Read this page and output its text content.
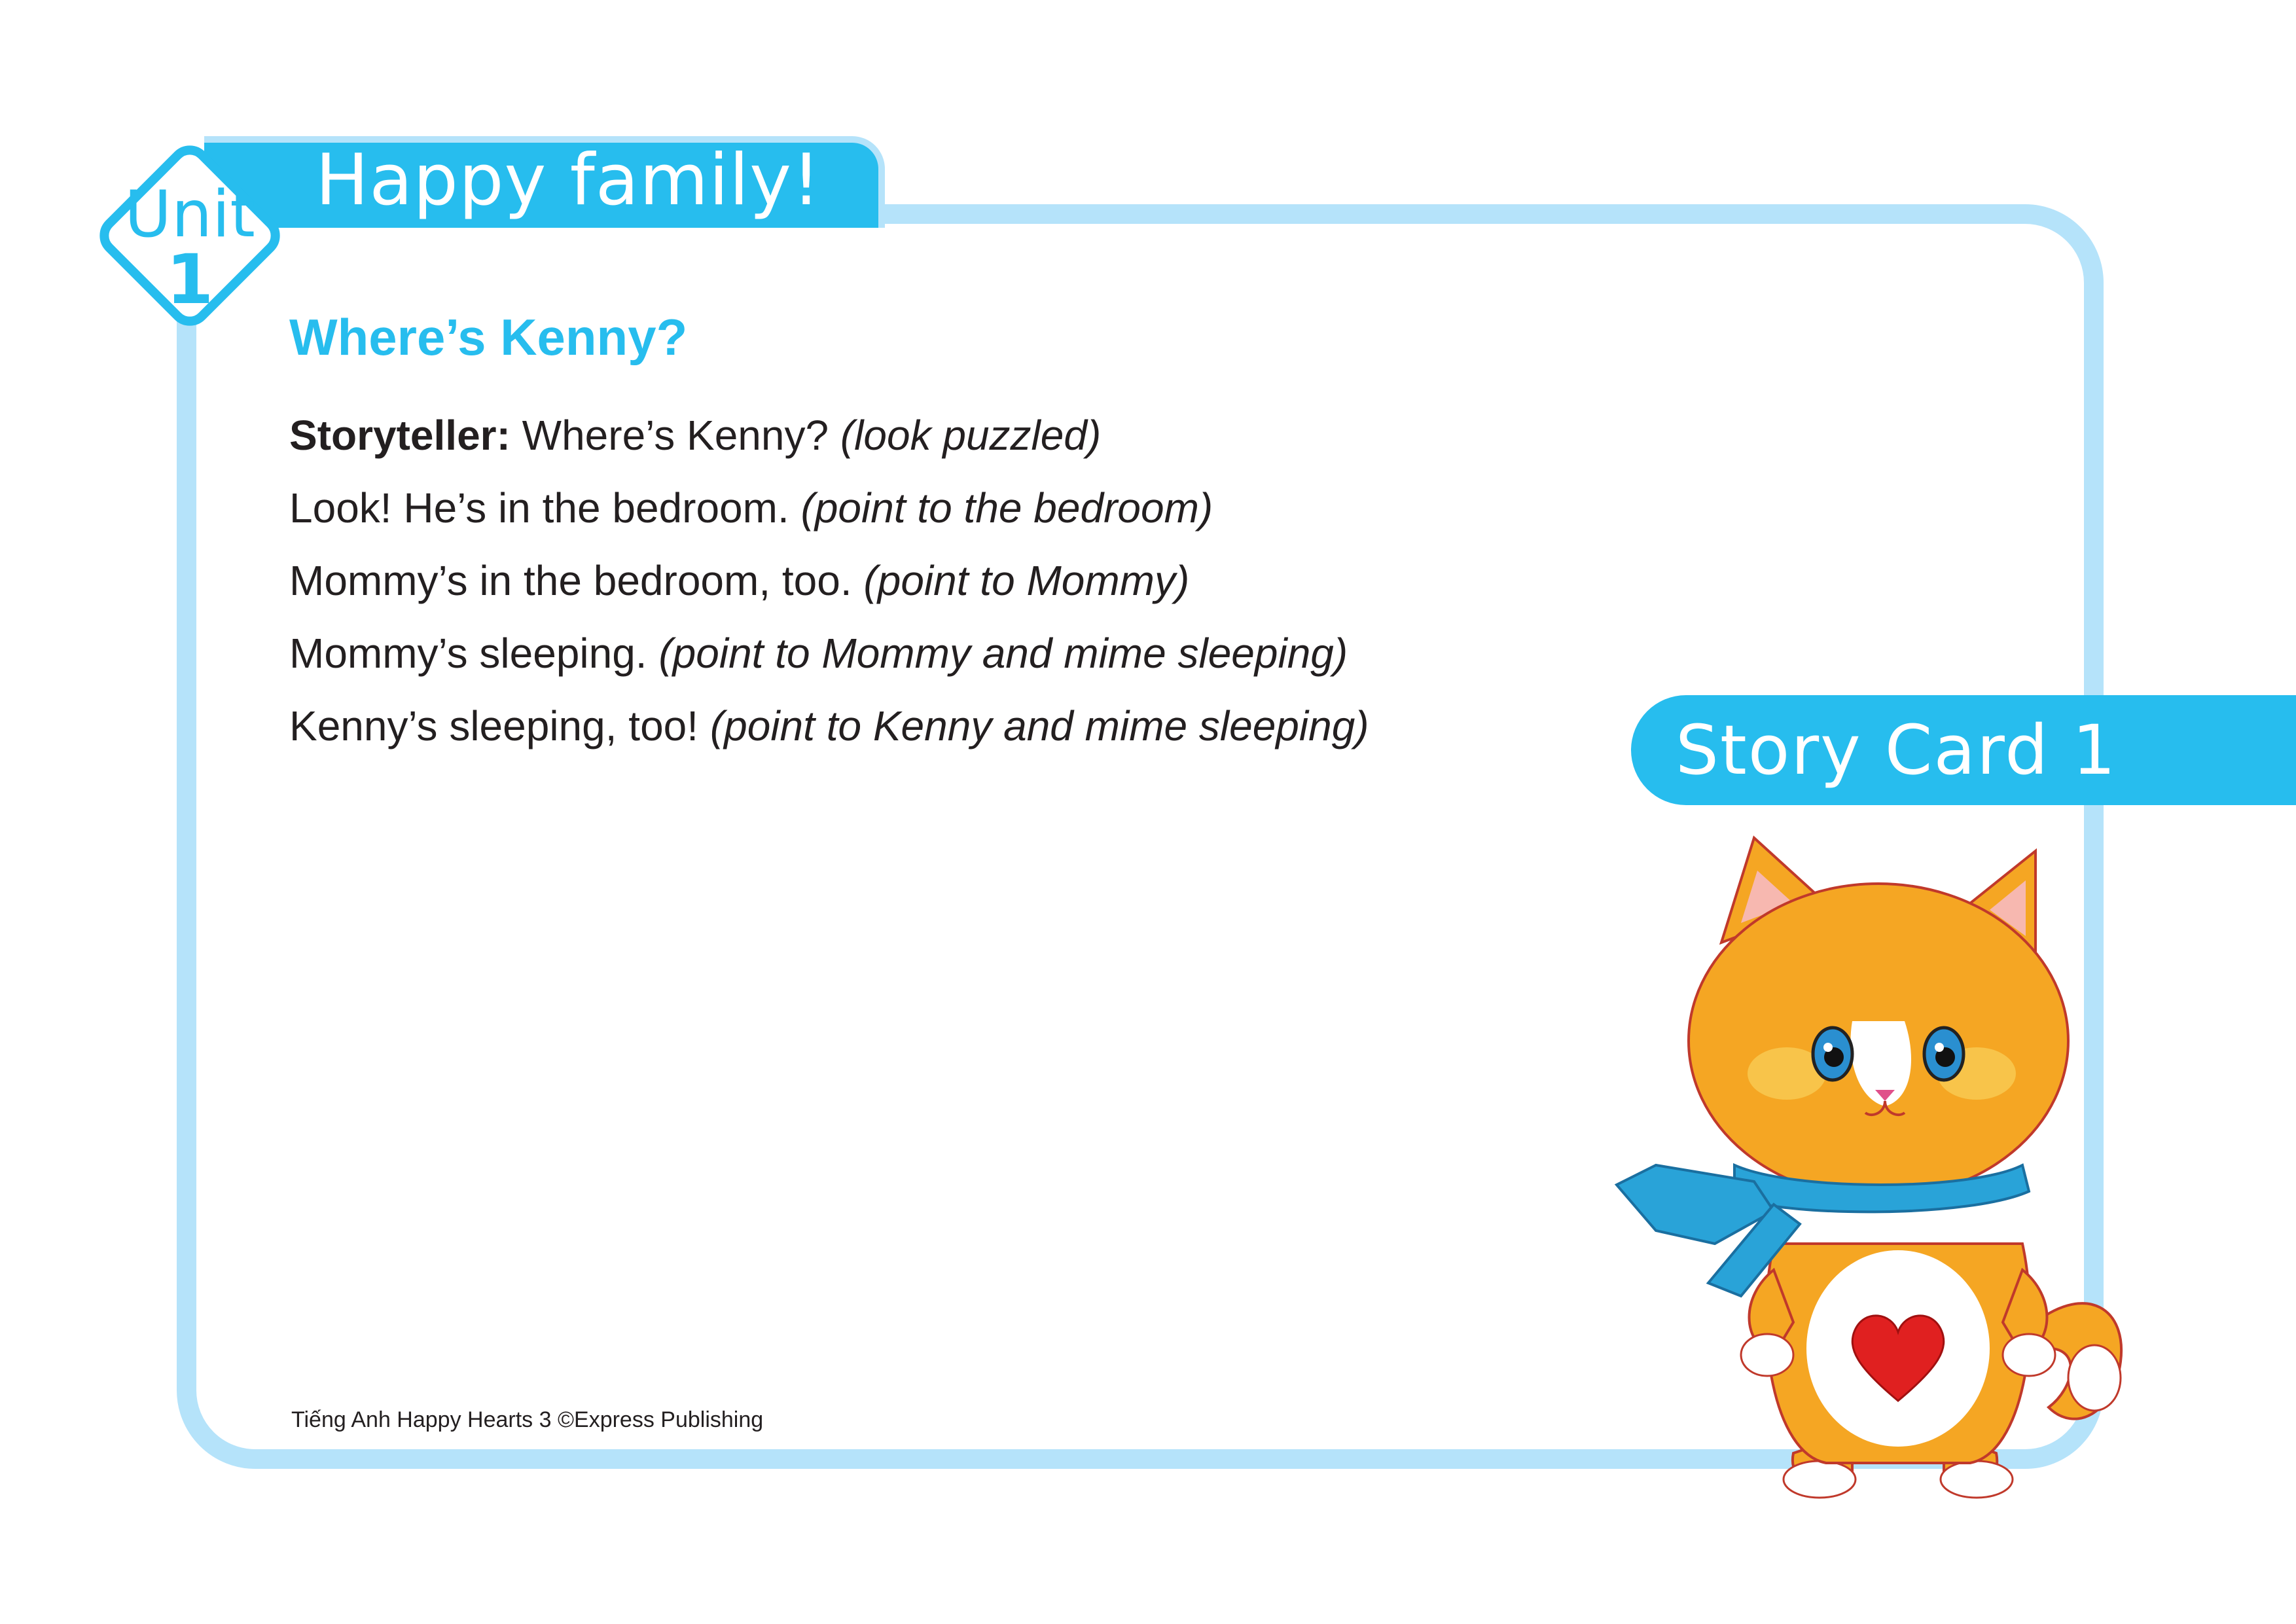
Happy family!
Unit
1
Where’s Kenny?
Storyteller: Where’s Kenny? (look puzzled)
Look! He’s in the bedroom. (point to the bedroom)
Mommy’s in the bedroom, too. (point to Mommy)
Mommy’s sleeping. (point to Mommy and mime sleeping)
Kenny’s sleeping, too! (point to Kenny and mime sleeping)	Story Card 1
Tiếng Anh Happy Hearts 3 ©Express Publishing
